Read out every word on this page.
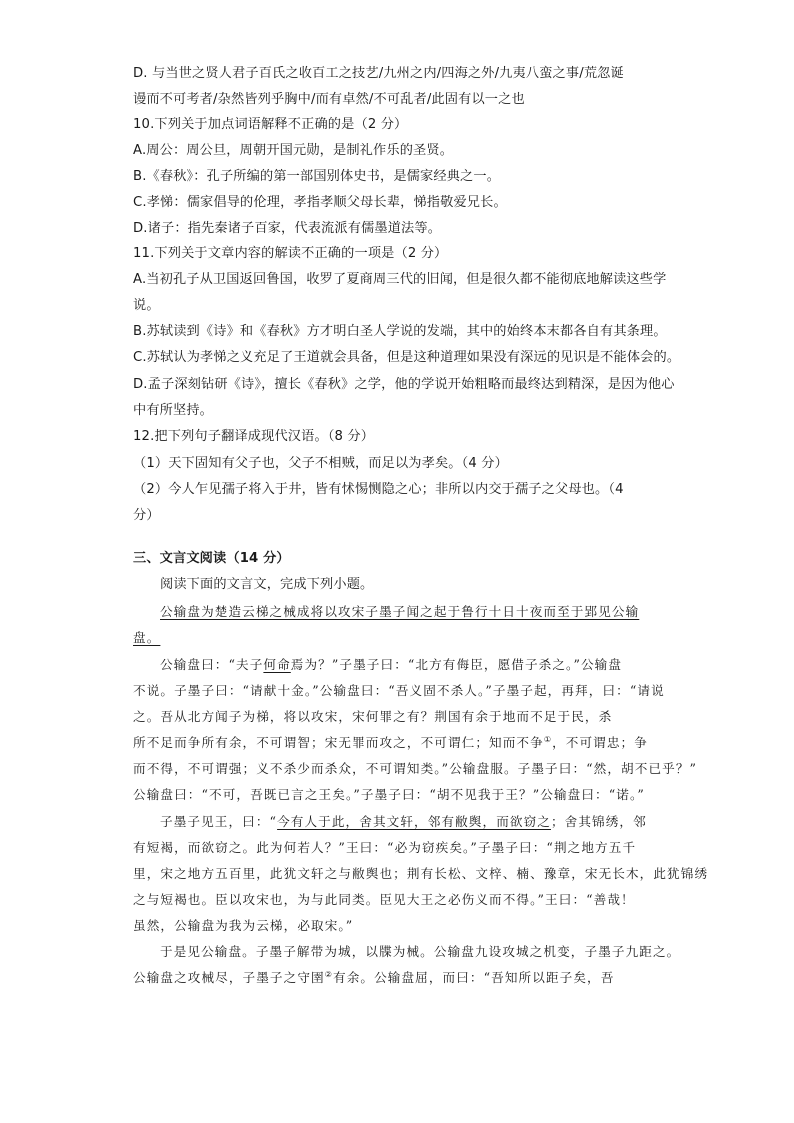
D. 与当世之贤人君子百氏之收百工之技艺/九州之内/四海之外/九夷八蛮之事/荒忽诞
谩而不可考者/杂然皆列乎胸中/而有卓然/不可乱者/此固有以一之也
10.下列关于加点词语解释不正确的是（2 分）
A.周公：周公旦，周朝开国元勋，是制礼作乐的圣贤。
B.《春秋》：孔子所编的第一部国别体史书，是儒家经典之一。
C.孝悌：儒家倡导的伦理，孝指孝顺父母长辈，悌指敬爱兄长。
D.诸子：指先秦诸子百家，代表流派有儒墨道法等。
11.下列关于文章内容的解读不正确的一项是（2 分）
A.当初孔子从卫国返回鲁国，收罗了夏商周三代的旧闻，但是很久都不能彻底地解读这些学
说。
B.苏轼读到《诗》和《春秋》方才明白圣人学说的发端，其中的始终本末都各自有其条理。
C.苏轼认为孝悌之义充足了王道就会具备，但是这种道理如果没有深远的见识是不能体会的。
D.孟子深刻钻研《诗》，擅长《春秋》之学，他的学说开始粗略而最终达到精深，是因为他心
中有所坚持。
12.把下列句子翻译成现代汉语。（8 分）
（1）天下固知有父子也，父子不相贼，而足以为孝矣。（4 分）
（2）今人乍见孺子将入于井，皆有怵惕恻隐之心；非所以内交于孺子之父母也。（4
分）
三、文言文阅读（14 分）
阅读下面的文言文，完成下列小题。
公输盘为楚造云梯之械成将以攻宋子墨子闻之起于鲁行十日十夜而至于郢见公输
盘。
公输盘曰：“夫子何命焉为？”子墨子曰：“北方有侮臣，愿借子杀之。”公输盘
不说。子墨子曰：“请献十金。”公输盘曰：“吾义固不杀人。”子墨子起，再拜，曰：“请说
之。吾从北方闻子为梯，将以攻宋，宋何罪之有？荆国有余于地而不足于民，杀
所不足而争所有余，不可谓智；宋无罪而攻之，不可谓仁；知而不争①，不可谓忠；争
而不得，不可谓强；义不杀少而杀众，不可谓知类。”公输盘服。子墨子曰：“然，胡不已乎？”
公输盘曰：“不可，吾既已言之王矣。”子墨子曰：“胡不见我于王？”公输盘曰：“诺。”
子墨子见王，曰：“今有人于此，舍其文轩，邻有敝舆，而欲窃之；舍其锦绣，邻
有短褐，而欲窃之。此为何若人？”王曰：“必为窃疾矣。”子墨子曰：“荆之地方五千
里，宋之地方五百里，此犹文轩之与敝舆也；荆有长松、文梓、楠、豫章，宋无长木，此犹锦绣
之与短褐也。臣以攻宋也，为与此同类。臣见大王之必伤义而不得。”王曰：“善哉！
虽然，公输盘为我为云梯，必取宋。”
于是见公输盘。子墨子解带为城，以牒为械。公输盘九设攻城之机变，子墨子九距之。
公输盘之攻械尽，子墨子之守圉②有余。公输盘屈，而曰：“吾知所以距子矣，吾
